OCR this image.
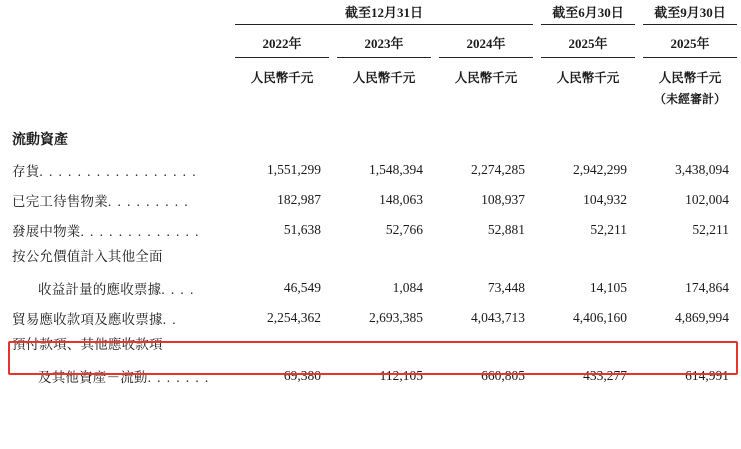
	截至12月31日			截至6月30日	截至9月30日

	2022年	2023年	2024年	2025年	2025年

	人民幣千元	人民幣千元	人民幣千元	人民幣千元	人民幣千元
					（未經審計）
流動資產					
存貨. . . . . . . . . . . . . . . . .	1,551,299	1,548,394	2,274,285	2,942,299	3,438,094
已完工待售物業. . . . . . . . .	182,987	148,063	108,937	104,932	102,004
發展中物業. . . . . . . . . . . . .	51,638	52,766	52,881	52,211	52,211
按公允價值計入其他全面					
收益計量的應收票據. . . .	46,549	1,084	73,448	14,105	174,864
貿易應收款項及應收票據. .	2,254,362	2,693,385	4,043,713	4,406,160	4,869,994
預付款項、其他應收款項					
及其他資產－流動. . . . . . .	69,380	112,105	660,805	433,277	614,991
